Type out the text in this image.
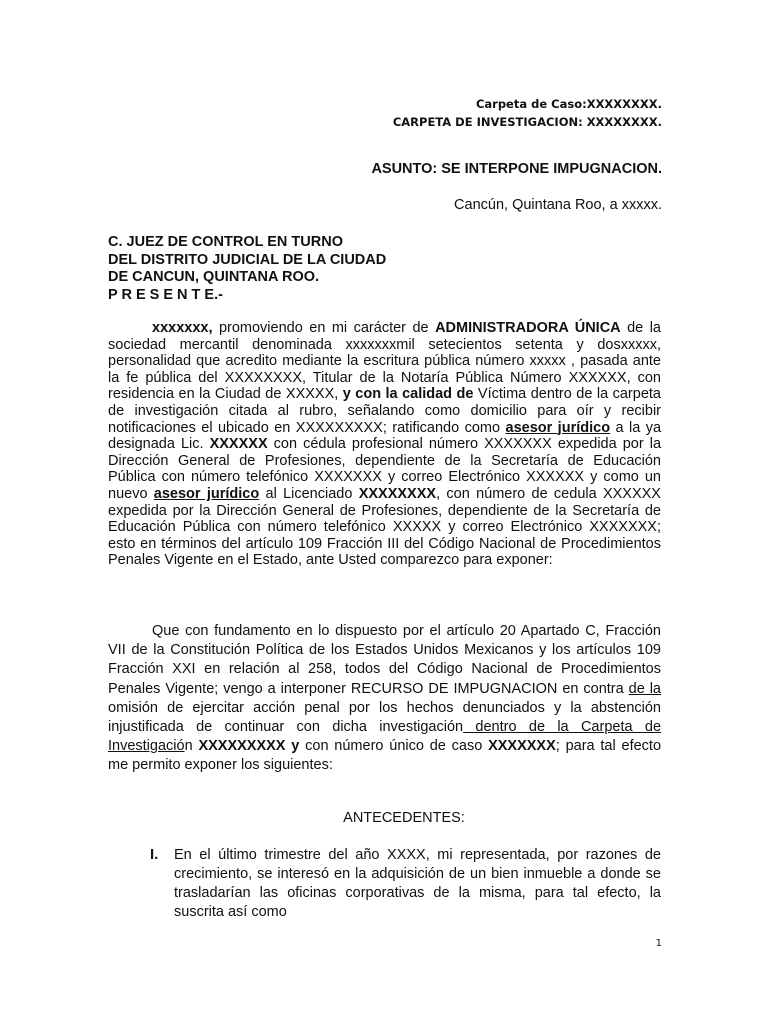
Carpeta de Caso:XXXXXXXX.
CARPETA DE INVESTIGACION: XXXXXXXX.
ASUNTO: SE INTERPONE IMPUGNACION.
Cancún, Quintana Roo, a xxxxx.
C. JUEZ DE CONTROL EN TURNO
DEL DISTRITO JUDICIAL DE LA CIUDAD
DE CANCUN, QUINTANA ROO.
P R E S E N T E.-

xxxxxxx, promoviendo en mi carácter de ADMINISTRADORA ÚNICA de la sociedad mercantil denominada xxxxxxxmil setecientos setenta y dosxxxxx, personalidad que acredito mediante la escritura pública número xxxxx , pasada ante la fe pública del XXXXXXXX, Titular de la Notaría Pública Número XXXXXX, con residencia en la Ciudad de XXXXX, y con la calidad de Víctima dentro de la carpeta de investigación citada al rubro, señalando como domicilio para oír y recibir notificaciones el ubicado en XXXXXXXXX; ratificando como asesor jurídico a la ya designada Lic. XXXXXX con cédula profesional número XXXXXXX expedida por la Dirección General de Profesiones, dependiente de la Secretaría de Educación Pública con número telefónico XXXXXXX y correo Electrónico XXXXXX y como un nuevo asesor jurídico al Licenciado XXXXXXXX, con número de cedula XXXXXX expedida por la Dirección General de Profesiones, dependiente de la Secretaría de Educación Pública con número telefónico XXXXX y correo Electrónico XXXXXXX; esto en términos del artículo 109 Fracción III del Código Nacional de Procedimientos Penales Vigente en el Estado, ante Usted comparezco para exponer:

Que con fundamento en lo dispuesto por el artículo 20 Apartado C, Fracción VII de la Constitución Política de los Estados Unidos Mexicanos y los artículos 109 Fracción XXI en relación al 258, todos del Código Nacional de Procedimientos Penales Vigente; vengo a interponer RECURSO DE IMPUGNACION en contra de la omisión de ejercitar acción penal por los hechos denunciados y la abstención injustificada de continuar con dicha investigación dentro de la Carpeta de Investigación XXXXXXXXX y con número único de caso XXXXXXX; para tal efecto me permito exponer los siguientes:

ANTECEDENTES:
I. En el último trimestre del año XXXX, mi representada, por razones de crecimiento, se interesó en la adquisición de un bien inmueble a donde se trasladarían las oficinas corporativas de la misma, para tal efecto, la suscrita así como

1
